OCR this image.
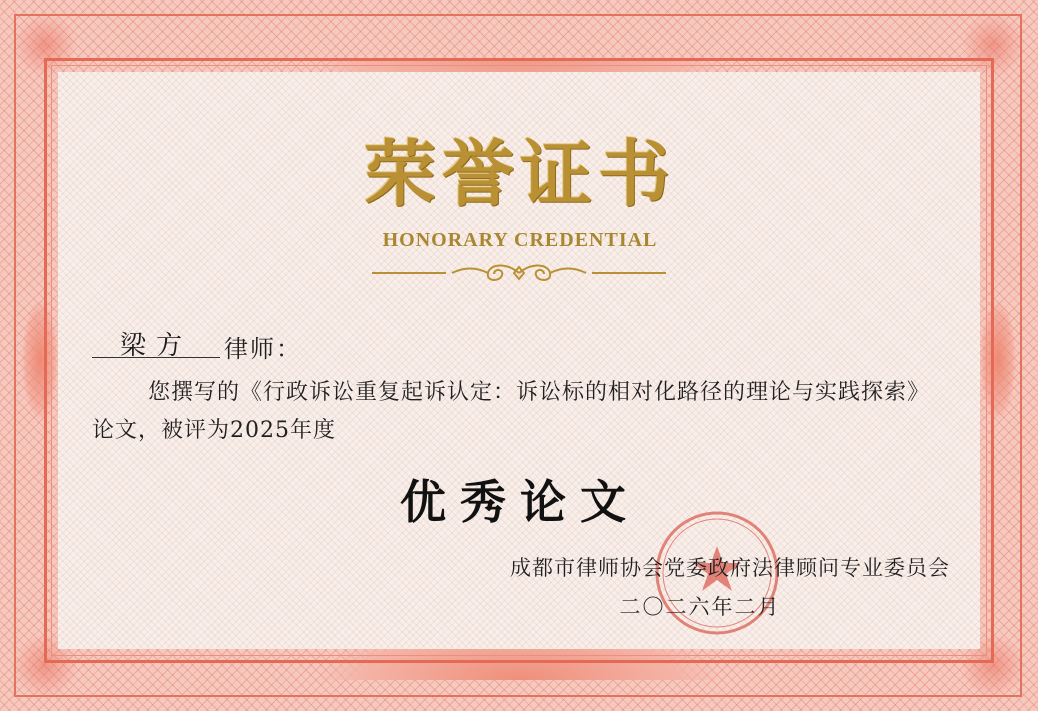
荣誉证书
HONORARY CREDENTIAL
梁方	律师：
您撰写的《行政诉讼重复起诉认定：诉讼标的相对化路径的理论与实践探索》论文，被评为2025年度
优秀论文
成都市律师协会党委政府法律顾问专业委员会
二〇二六年二月
